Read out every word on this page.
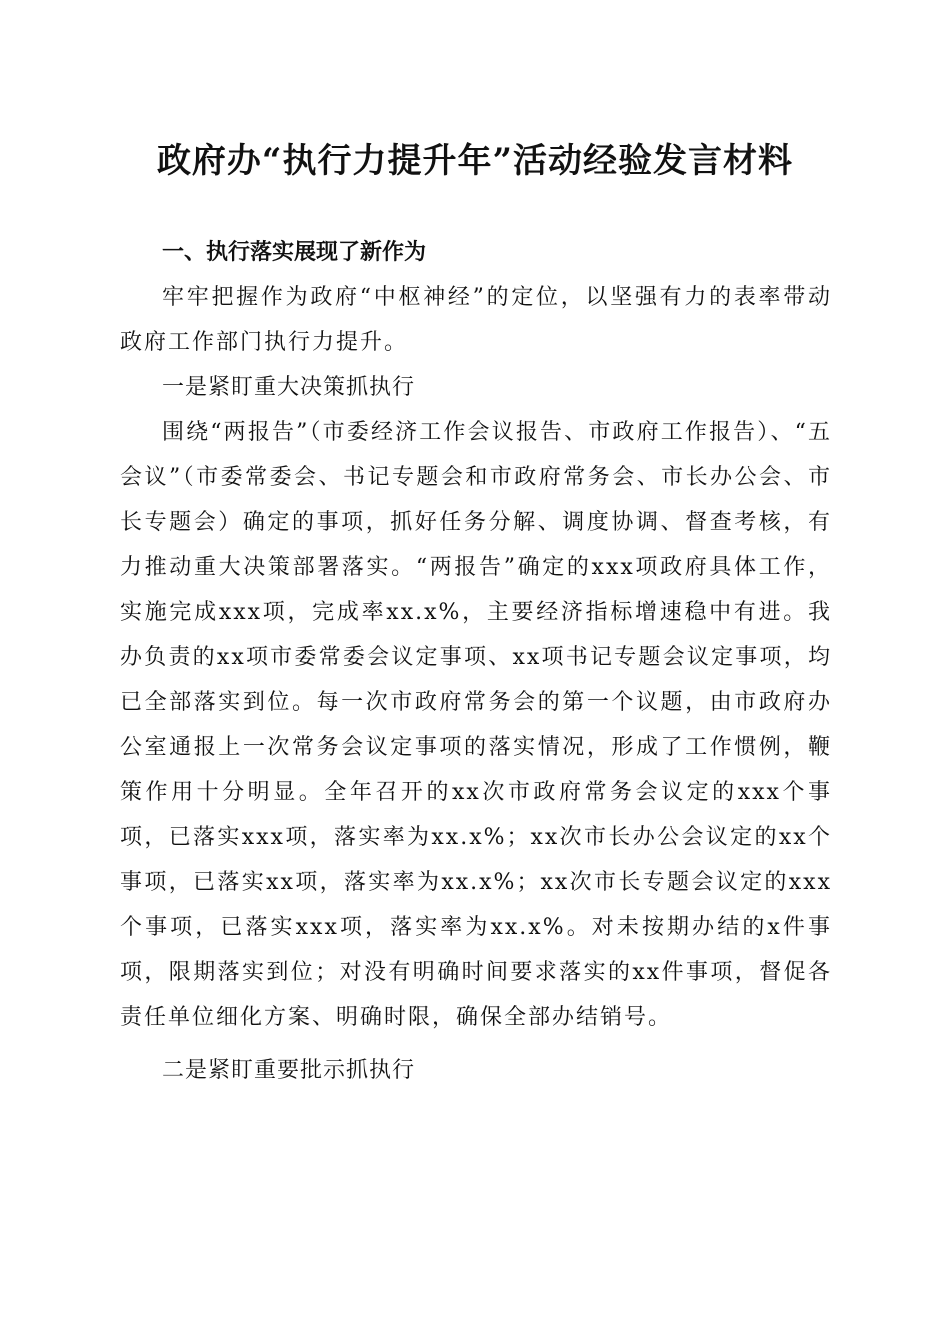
政府办“执行力提升年”活动经验发言材料

一、执行落实展现了新作为

牢牢把握作为政府“中枢神经”的定位，以坚强有力的表率带动政府工作部门执行力提升。

一是紧盯重大决策抓执行

围绕“两报告”（市委经济工作会议报告、市政府工作报告）、“五会议”（市委常委会、书记专题会和市政府常务会、市长办公会、市长专题会）确定的事项，抓好任务分解、调度协调、督查考核，有力推动重大决策部署落实。“两报告”确定的xxx项政府具体工作，实施完成xxx项，完成率xx.x%，主要经济指标增速稳中有进。我办负责的xx项市委常委会议定事项、xx项书记专题会议定事项，均已全部落实到位。每一次市政府常务会的第一个议题，由市政府办公室通报上一次常务会议定事项的落实情况，形成了工作惯例，鞭策作用十分明显。全年召开的xx次市政府常务会议定的xxx个事项，已落实xxx项，落实率为xx.x%；xx次市长办公会议定的xx个事项，已落实xx项，落实率为xx.x%；xx次市长专题会议定的xxx个事项，已落实xxx项，落实率为xx.x%。对未按期办结的x件事项，限期落实到位；对没有明确时间要求落实的xx件事项，督促各责任单位细化方案、明确时限，确保全部办结销号。

二是紧盯重要批示抓执行
